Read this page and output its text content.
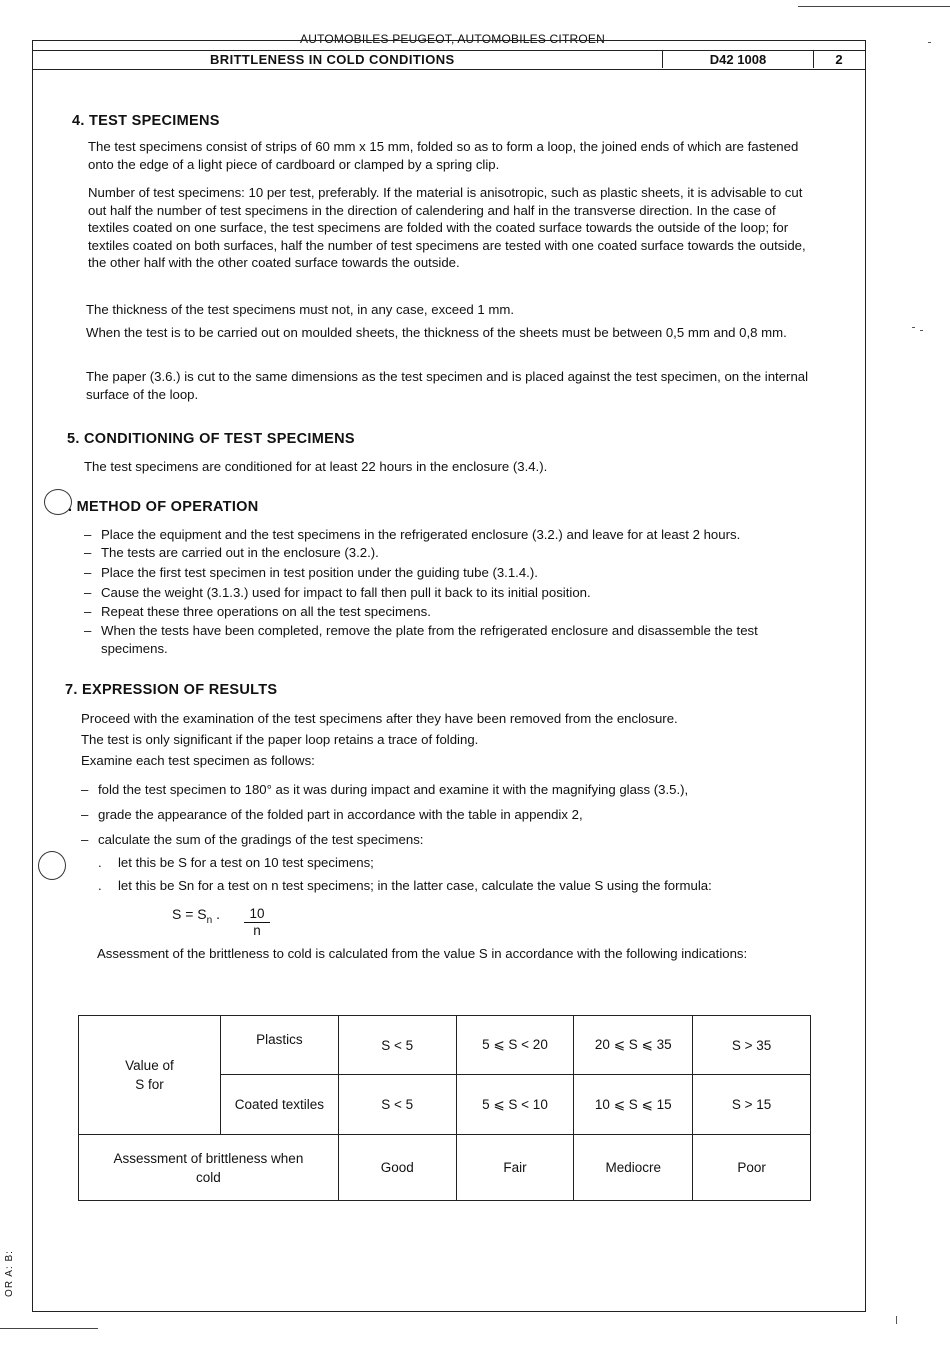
AUTOMOBILES PEUGEOT, AUTOMOBILES CITROEN
BRITTLENESS IN COLD CONDITIONS	D42 1008	2
4. TEST SPECIMENS

The test specimens consist of strips of 60 mm x 15 mm, folded so as to form a loop, the joined ends of which are fastened onto the edge of a light piece of cardboard or clamped by a spring clip.

Number of test specimens: 10 per test, preferably. If the material is anisotropic, such as plastic sheets, it is advisable to cut out half the number of test specimens in the direction of calendering and half in the transverse direction. In the case of textiles coated on one surface, the test specimens are folded with the coated surface towards the outside of the loop; for textiles coated on both surfaces, half the number of test specimens are tested with one coated surface towards the outside, the other half with the other coated surface towards the outside.

The thickness of the test specimens must not, in any case, exceed 1 mm.

When the test is to be carried out on moulded sheets, the thickness of the sheets must be between 0,5 mm and 0,8 mm.

The paper (3.6.) is cut to the same dimensions as the test specimen and is placed against the test specimen, on the internal surface of the loop.

5. CONDITIONING OF TEST SPECIMENS

The test specimens are conditioned for at least 22 hours in the enclosure (3.4.).

. METHOD OF OPERATION
– Place the equipment and the test specimens in the refrigerated enclosure (3.2.) and leave for at least 2 hours.
– The tests are carried out in the enclosure (3.2.).
– Place the first test specimen in test position under the guiding tube (3.1.4.).
– Cause the weight (3.1.3.) used for impact to fall then pull it back to its initial position.
– Repeat these three operations on all the test specimens.
– When the tests have been completed, remove the plate from the refrigerated enclosure and disassemble the test specimens.
7. EXPRESSION OF RESULTS

Proceed with the examination of the test specimens after they have been removed from the enclosure.

The test is only significant if the paper loop retains a trace of folding.

Examine each test specimen as follows:

– fold the test specimen to 180° as it was during impact and examine it with the magnifying glass (3.5.),
– grade the appearance of the folded part in accordance with the table in appendix 2,
– calculate the sum of the gradings of the test specimens:
. let this be S for a test on 10 test specimens;
. let this be Sn for a test on n test specimens; in the latter case, calculate the value S using the formula:
$S = S_n$ . $\frac{10}{n}$

Assessment of the brittleness to cold is calculated from the value S in accordance with the following indications:

Value of S for	Plastics	S < 5	5 ⩽ S < 20	20 ⩽ S ⩽ 35	S > 35
	Coated textiles	S < 5	5 ⩽ S < 10	10 ⩽ S ⩽ 15	S > 15
Assessment of brittleness when cold		Good	Fair	Mediocre	Poor
OR A: B:
